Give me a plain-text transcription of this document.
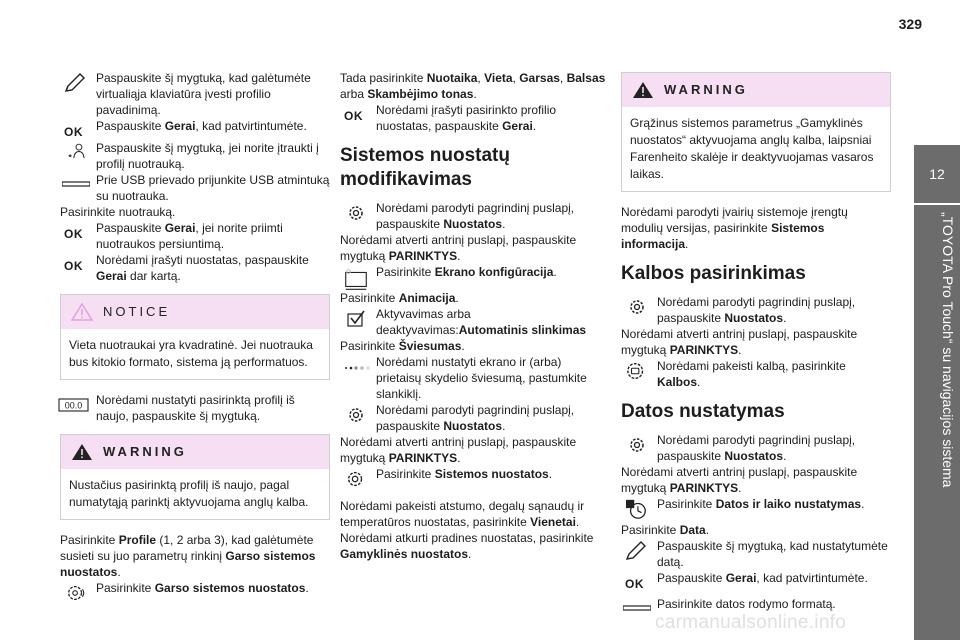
329
12
„TOYOTA Pro Touch“ su navigacijos sistema
Paspauskite šį mygtuką, kad galėtumėte virtualiąja klaviatūra įvesti profilio pavadinimą.
OK Paspauskite Gerai, kad patvirtintumėte.
Paspauskite šį mygtuką, jei norite įtraukti į profilį nuotrauką.
Prie USB prievado prijunkite USB atmintuką su nuotrauka.
Pasirinkite nuotrauką.
OK Paspauskite Gerai, jei norite priimti nuotraukos persiuntimą.
OK Norėdami įrašyti nuostatas, paspauskite Gerai dar kartą.
NOTICE
Vieta nuotraukai yra kvadratinė. Jei nuotrauka bus kitokio formato, sistema ją performatuos.
00.0 Norėdami nustatyti pasirinktą profilį iš naujo, paspauskite šį mygtuką.
WARNING
Nustačius pasirinktą profilį iš naujo, pagal numatytąją parinktį aktyvuojama anglų kalba.
Pasirinkite Profile (1, 2 arba 3), kad galėtumėte susieti su juo parametrų rinkinį Garso sistemos nuostatos.
Pasirinkite Garso sistemos nuostatos.
Tada pasirinkite Nuotaika, Vieta, Garsas, Balsas arba Skambėjimo tonas.
OK Norėdami įrašyti pasirinkto profilio nuostatas, paspauskite Gerai.
Sistemos nuostatų modifikavimas
Norėdami parodyti pagrindinį puslapį, paspauskite Nuostatos.
Norėdami atverti antrinį puslapį, paspauskite mygtuką PARINKTYS.
Pasirinkite Ekrano konfigūracija.
Pasirinkite Animacija.
Aktyvavimas arba deaktyvavimas:Automatinis slinkimas
Pasirinkite Šviesumas.
Norėdami nustatyti ekrano ir (arba) prietaisų skydelio šviesumą, pastumkite slankiklį.
Norėdami parodyti pagrindinį puslapį, paspauskite Nuostatos.
Norėdami atverti antrinį puslapį, paspauskite mygtuką PARINKTYS.
Pasirinkite Sistemos nuostatos.
Norėdami pakeisti atstumo, degalų sąnaudų ir temperatūros nuostatas, pasirinkite Vienetai.
Norėdami atkurti pradines nuostatas, pasirinkite Gamyklinės nuostatos.
WARNING
Grąžinus sistemos parametrus „Gamyklinės nuostatos“ aktyvuojama anglų kalba, laipsniai Farenheito skalėje ir deaktyvuojamas vasaros laikas.
Norėdami parodyti įvairių sistemoje įrengtų modulių versijas, pasirinkite Sistemos informacija.
Kalbos pasirinkimas
Norėdami parodyti pagrindinį puslapį, paspauskite Nuostatos.
Norėdami atverti antrinį puslapį, paspauskite mygtuką PARINKTYS.
Norėdami pakeisti kalbą, pasirinkite Kalbos.
Datos nustatymas
Norėdami parodyti pagrindinį puslapį, paspauskite Nuostatos.
Norėdami atverti antrinį puslapį, paspauskite mygtuką PARINKTYS.
Pasirinkite Datos ir laiko nustatymas.
Pasirinkite Data.
Paspauskite šį mygtuką, kad nustatytumėte datą.
OK Paspauskite Gerai, kad patvirtintumėte.
Pasirinkite datos rodymo formatą.
carmanualsonline.info
